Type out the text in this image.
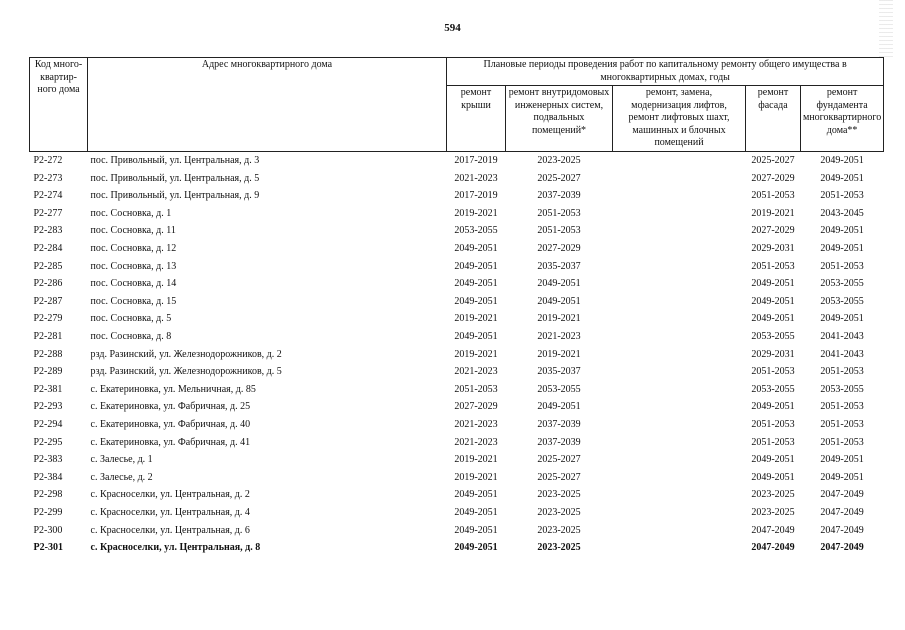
594
Код много-квартир-ного дома	Адрес многоквартирного дома	Плановые периоды проведения работ по капитальному ремонту общего имущества в многоквартирных домах, годы				
		ремонт крыши	ремонт внутридомовых инженерных систем, подвальных помещений*	ремонт, замена, модернизация лифтов, ремонт лифтовых шахт, машинных и блочных помещений	ремонт фасада	ремонт фундамента многоквартирного дома**
Р2-272	пос. Привольный, ул. Центральная, д. 3	2017-2019	2023-2025		2025-2027	2049-2051
Р2-273	пос. Привольный, ул. Центральная, д. 5	2021-2023	2025-2027		2027-2029	2049-2051
Р2-274	пос. Привольный, ул. Центральная, д. 9	2017-2019	2037-2039		2051-2053	2051-2053
Р2-277	пос. Сосновка, д. 1	2019-2021	2051-2053		2019-2021	2043-2045
Р2-283	пос. Сосновка, д. 11	2053-2055	2051-2053		2027-2029	2049-2051
Р2-284	пос. Сосновка, д. 12	2049-2051	2027-2029		2029-2031	2049-2051
Р2-285	пос. Сосновка, д. 13	2049-2051	2035-2037		2051-2053	2051-2053
Р2-286	пос. Сосновка, д. 14	2049-2051	2049-2051		2049-2051	2053-2055
Р2-287	пос. Сосновка, д. 15	2049-2051	2049-2051		2049-2051	2053-2055
Р2-279	пос. Сосновка, д. 5	2019-2021	2019-2021		2049-2051	2049-2051
Р2-281	пос. Сосновка, д. 8	2049-2051	2021-2023		2053-2055	2041-2043
Р2-288	рзд. Разинский, ул. Железнодорожников, д. 2	2019-2021	2019-2021		2029-2031	2041-2043
Р2-289	рзд. Разинский, ул. Железнодорожников, д. 5	2021-2023	2035-2037		2051-2053	2051-2053
Р2-381	с. Екатериновка, ул. Мельничная, д. 85	2051-2053	2053-2055		2053-2055	2053-2055
Р2-293	с. Екатериновка, ул. Фабричная, д. 25	2027-2029	2049-2051		2049-2051	2051-2053
Р2-294	с. Екатериновка, ул. Фабричная, д. 40	2021-2023	2037-2039		2051-2053	2051-2053
Р2-295	с. Екатериновка, ул. Фабричная, д. 41	2021-2023	2037-2039		2051-2053	2051-2053
Р2-383	с. Залесье, д. 1	2019-2021	2025-2027		2049-2051	2049-2051
Р2-384	с. Залесье, д. 2	2019-2021	2025-2027		2049-2051	2049-2051
Р2-298	с. Красноселки, ул. Центральная, д. 2	2049-2051	2023-2025		2023-2025	2047-2049
Р2-299	с. Красноселки, ул. Центральная, д. 4	2049-2051	2023-2025		2023-2025	2047-2049
Р2-300	с. Красноселки, ул. Центральная, д. 6	2049-2051	2023-2025		2047-2049	2047-2049
Р2-301	с. Красноселки, ул. Центральная, д. 8	2049-2051	2023-2025		2047-2049	2047-2049
